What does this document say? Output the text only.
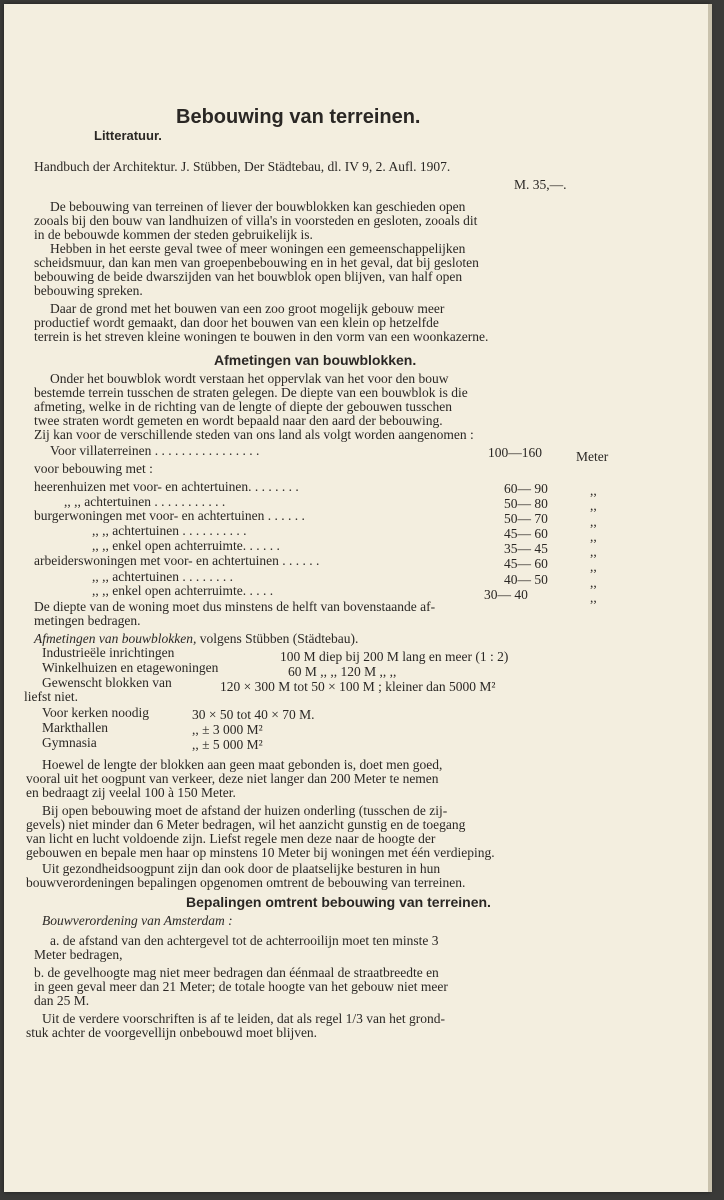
Bebouwing van terreinen.
Litteratuur.
Handbuch der Architektur. J. Stübben, Der Städtebau, dl. IV 9, 2. Aufl. 1907.
M. 35,—.
De bebouwing van terreinen of liever der bouwblokken kan geschieden open
zooals bij den bouw van landhuizen of villa's in voorsteden en gesloten, zooals dit
in de bebouwde kommen der steden gebruikelijk is.
Hebben in het eerste geval twee of meer woningen een gemeenschappelijken
scheidsmuur, dan kan men van groepenbebouwing en in het geval, dat bij gesloten
bebouwing de beide dwarszijden van het bouwblok open blijven, van half open
bebouwing spreken.
Daar de grond met het bouwen van een zoo groot mogelijk gebouw meer
productief wordt gemaakt, dan door het bouwen van een klein op hetzelfde
terrein is het streven kleine woningen te bouwen in den vorm van een woonkazerne.
Afmetingen van bouwblokken.
Onder het bouwblok wordt verstaan het oppervlak van het voor den bouw
bestemde terrein tusschen de straten gelegen. De diepte van een bouwblok is die
afmeting, welke in de richting van de lengte of diepte der gebouwen tusschen
twee straten wordt gemeten en wordt bepaald naar den aard der bebouwing.
Zij kan voor de verschillende steden van ons land als volgt worden aangenomen :
Voor villaterreinen . . . . . . . . . . . . . . . .	100—160	Meter
voor bebouwing met :
heerenhuizen met voor- en achtertuinen. . . . . . . .	60— 90	,,
,, ,, achtertuinen . . . . . . . . . . .	50— 80	,,
burgerwoningen met voor- en achtertuinen . . . . . .	50— 70	,,
,, ,, achtertuinen . . . . . . . . . .	45— 60	,,
,, ,, enkel open achterruimte. . . . . .	35— 45	,,
arbeiderswoningen met voor- en achtertuinen . . . . . .	45— 60	,,
,, ,, achtertuinen . . . . . . . .	40— 50	,,
,, ,, enkel open achterruimte. . . . .	30— 40	,,
De diepte van de woning moet dus minstens de helft van bovenstaande af-
metingen bedragen.
Afmetingen van bouwblokken, volgens Stübben (Städtebau).
Industrieële inrichtingen	100 M diep bij 200 M lang en meer (1 : 2)
Winkelhuizen en etagewoningen	60 M ,, ,, 120 M ,, ,,
Gewenscht blokken van	120 × 300 M tot 50 × 100 M ; kleiner dan 5000 M²
liefst niet.
Voor kerken noodig	30 × 50 tot 40 × 70 M.
Markthallen	,, ± 3 000 M²
Gymnasia	,, ± 5 000 M²
Hoewel de lengte der blokken aan geen maat gebonden is, doet men goed,
vooral uit het oogpunt van verkeer, deze niet langer dan 200 Meter te nemen
en bedraagt zij veelal 100 à 150 Meter.
Bij open bebouwing moet de afstand der huizen onderling (tusschen de zij-
gevels) niet minder dan 6 Meter bedragen, wil het aanzicht gunstig en de toegang
van licht en lucht voldoende zijn. Liefst regele men deze naar de hoogte der
gebouwen en bepale men haar op minstens 10 Meter bij woningen met één verdieping.
Uit gezondheidsoogpunt zijn dan ook door de plaatselijke besturen in hun
bouwverordeningen bepalingen opgenomen omtrent de bebouwing van terreinen.
Bepalingen omtrent bebouwing van terreinen.
Bouwverordening van Amsterdam :
a. de afstand van den achtergevel tot de achterrooilijn moet ten minste 3
Meter bedragen,
b. de gevelhoogte mag niet meer bedragen dan éénmaal de straatbreedte en
in geen geval meer dan 21 Meter; de totale hoogte van het gebouw niet meer
dan 25 M.
Uit de verdere voorschriften is af te leiden, dat als regel 1/3 van het grond-
stuk achter de voorgevellijn onbebouwd moet blijven.
